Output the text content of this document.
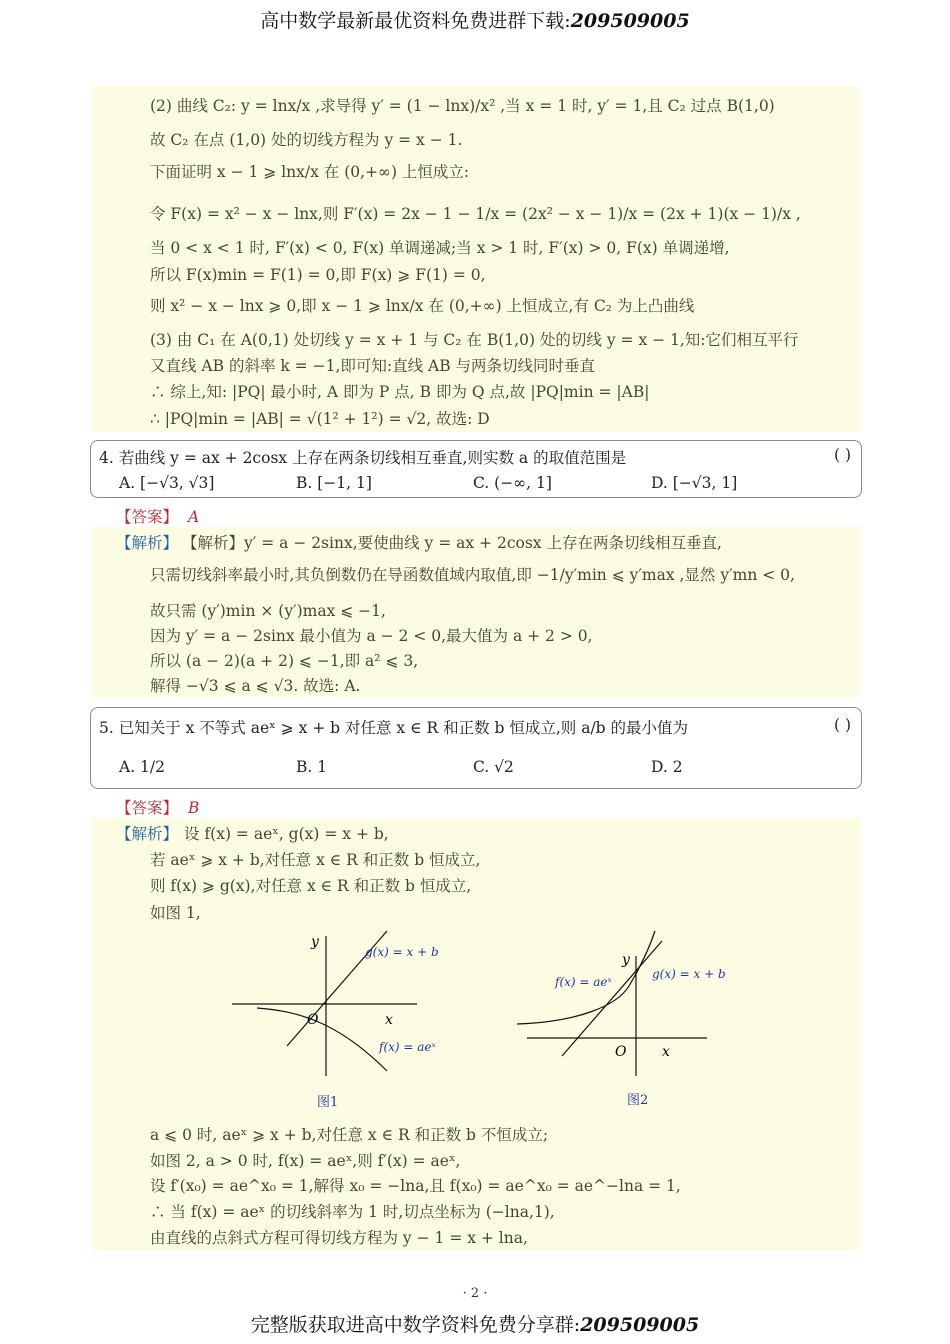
高中数学最新最优资料免费进群下载:209509005
(2) 曲线 C₂: y = lnx/x ,求导得 y′ = (1 − lnx)/x² ,当 x = 1 时, y′ = 1,且 C₂ 过点 B(1,0)
故 C₂ 在点 (1,0) 处的切线方程为 y = x − 1.
下面证明 x − 1 ⩾ lnx/x 在 (0,+∞) 上恒成立:
令 F(x) = x² − x − lnx,则 F′(x) = 2x − 1 − 1/x = (2x² − x − 1)/x = (2x + 1)(x − 1)/x ,
当 0 < x < 1 时, F′(x) < 0, F(x) 单调递减;当 x > 1 时, F′(x) > 0, F(x) 单调递增,
所以 F(x)min = F(1) = 0,即 F(x) ⩾ F(1) = 0,
则 x² − x − lnx ⩾ 0,即 x − 1 ⩾ lnx/x 在 (0,+∞) 上恒成立,有 C₂ 为上凸曲线
(3) 由 C₁ 在 A(0,1) 处切线 y = x + 1 与 C₂ 在 B(1,0) 处的切线 y = x − 1,知:它们相互平行
又直线 AB 的斜率 k = −1,即可知:直线 AB 与两条切线同时垂直
∴ 综上,知: |PQ| 最小时, A 即为 P 点, B 即为 Q 点,故 |PQ|min = |AB|
∴ |PQ|min = |AB| = √(1² + 1²) = √2, 故选: D
4. 若曲线 y = ax + 2cosx 上存在两条切线相互垂直,则实数 a 的取值范围是	( )
A. [−√3, √3]	B. [−1, 1]	C. (−∞, 1]	D. [−√3, 1]
【答案】 A
【解析】 【解析】y′ = a − 2sinx,要使曲线 y = ax + 2cosx 上存在两条切线相互垂直,
只需切线斜率最小时,其负倒数仍在导函数值域内取值,即 −1/y′min ⩽ y′max ,显然 y′mn < 0,
故只需 (y′)min × (y′)max ⩽ −1,
因为 y′ = a − 2sinx 最小值为 a − 2 < 0,最大值为 a + 2 > 0,
所以 (a − 2)(a + 2) ⩽ −1,即 a² ⩽ 3,
解得 −√3 ⩽ a ⩽ √3. 故选: A.
5. 已知关于 x 不等式 aeˣ ⩾ x + b 对任意 x ∈ R 和正数 b 恒成立,则 a/b 的最小值为	( )
A. 1/2	B. 1	C. √2	D. 2
【答案】 B
【解析】 设 f(x) = aeˣ, g(x) = x + b,
若 aeˣ ⩾ x + b,对任意 x ∈ R 和正数 b 恒成立,
则 f(x) ⩾ g(x),对任意 x ∈ R 和正数 b 恒成立,
如图 1,
y
x
O
g(x) = x + b
f(x) = aeˣ
图1
y
x
O
g(x) = x + b
f(x) = aeˣ
图2
a ⩽ 0 时, aeˣ ⩾ x + b,对任意 x ∈ R 和正数 b 不恒成立;
如图 2, a > 0 时, f(x) = aeˣ,则 f′(x) = aeˣ,
设 f′(x₀) = ae^x₀ = 1,解得 x₀ = −lna,且 f(x₀) = ae^x₀ = ae^−lna = 1,
∴ 当 f(x) = aeˣ 的切线斜率为 1 时,切点坐标为 (−lna,1),
由直线的点斜式方程可得切线方程为 y − 1 = x + lna,
· 2 ·
完整版获取进高中数学资料免费分享群:209509005
